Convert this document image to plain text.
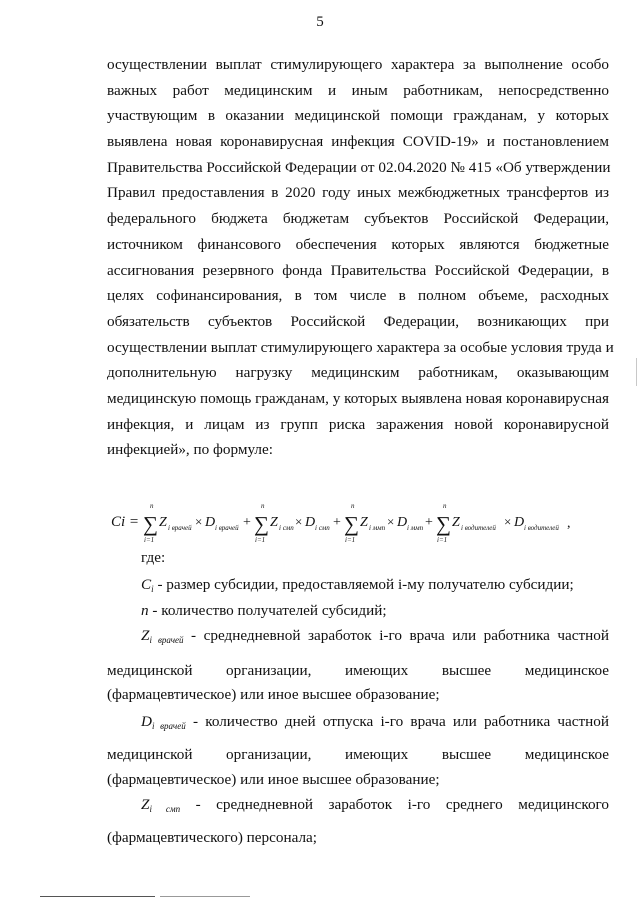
5
осуществлении выплат стимулирующего характера за выполнение особо
важных работ медицинским и иным работникам, непосредственно
участвующим в оказании медицинской помощи гражданам, у которых
выявлена новая коронавирусная инфекция COVID-19» и постановлением
Правительства Российской Федерации от 02.04.2020 № 415 «Об утверждении
Правил предоставления в 2020 году иных межбюджетных трансфертов из
федерального бюджета бюджетам субъектов Российской Федерации,
источником финансового обеспечения которых являются бюджетные
ассигнования резервного фонда Правительства Российской Федерации, в
целях софинансирования, в том числе в полном объеме, расходных
обязательств субъектов Российской Федерации, возникающих при
осуществлении выплат стимулирующего характера за особые условия труда и
дополнительную нагрузку медицинским работникам, оказывающим
медицинскую помощь гражданам, у которых выявлена новая коронавирусная
инфекция, и лицам из групп риска заражения новой коронавирусной
инфекцией», по формуле:
Ci =
n
∑
i=1
Z i врачей × D i врачей +
n
∑
i=1
Z i смп × D i смп +
n
∑
i=1
Z i ммп × D i ммп +
n
∑
i=1
Z i водителей × D i водителей ,
где:
$C_i$ - размер субсидии, предоставляемой i-му получателю субсидии;
n - количество получателей субсидий;
$Z_{i врачей}$ - среднедневной заработок i-го врача или работника частной
медицинской организации, имеющих высшее медицинское
(фармацевтическое) или иное высшее образование;
$D_{i врачей}$ - количество дней отпуска i-го врача или работника частной
медицинской организации, имеющих высшее медицинское
(фармацевтическое) или иное высшее образование;
$Z_{i смп}$ - среднедневной заработок i-го среднего медицинского
(фармацевтического) персонала;
